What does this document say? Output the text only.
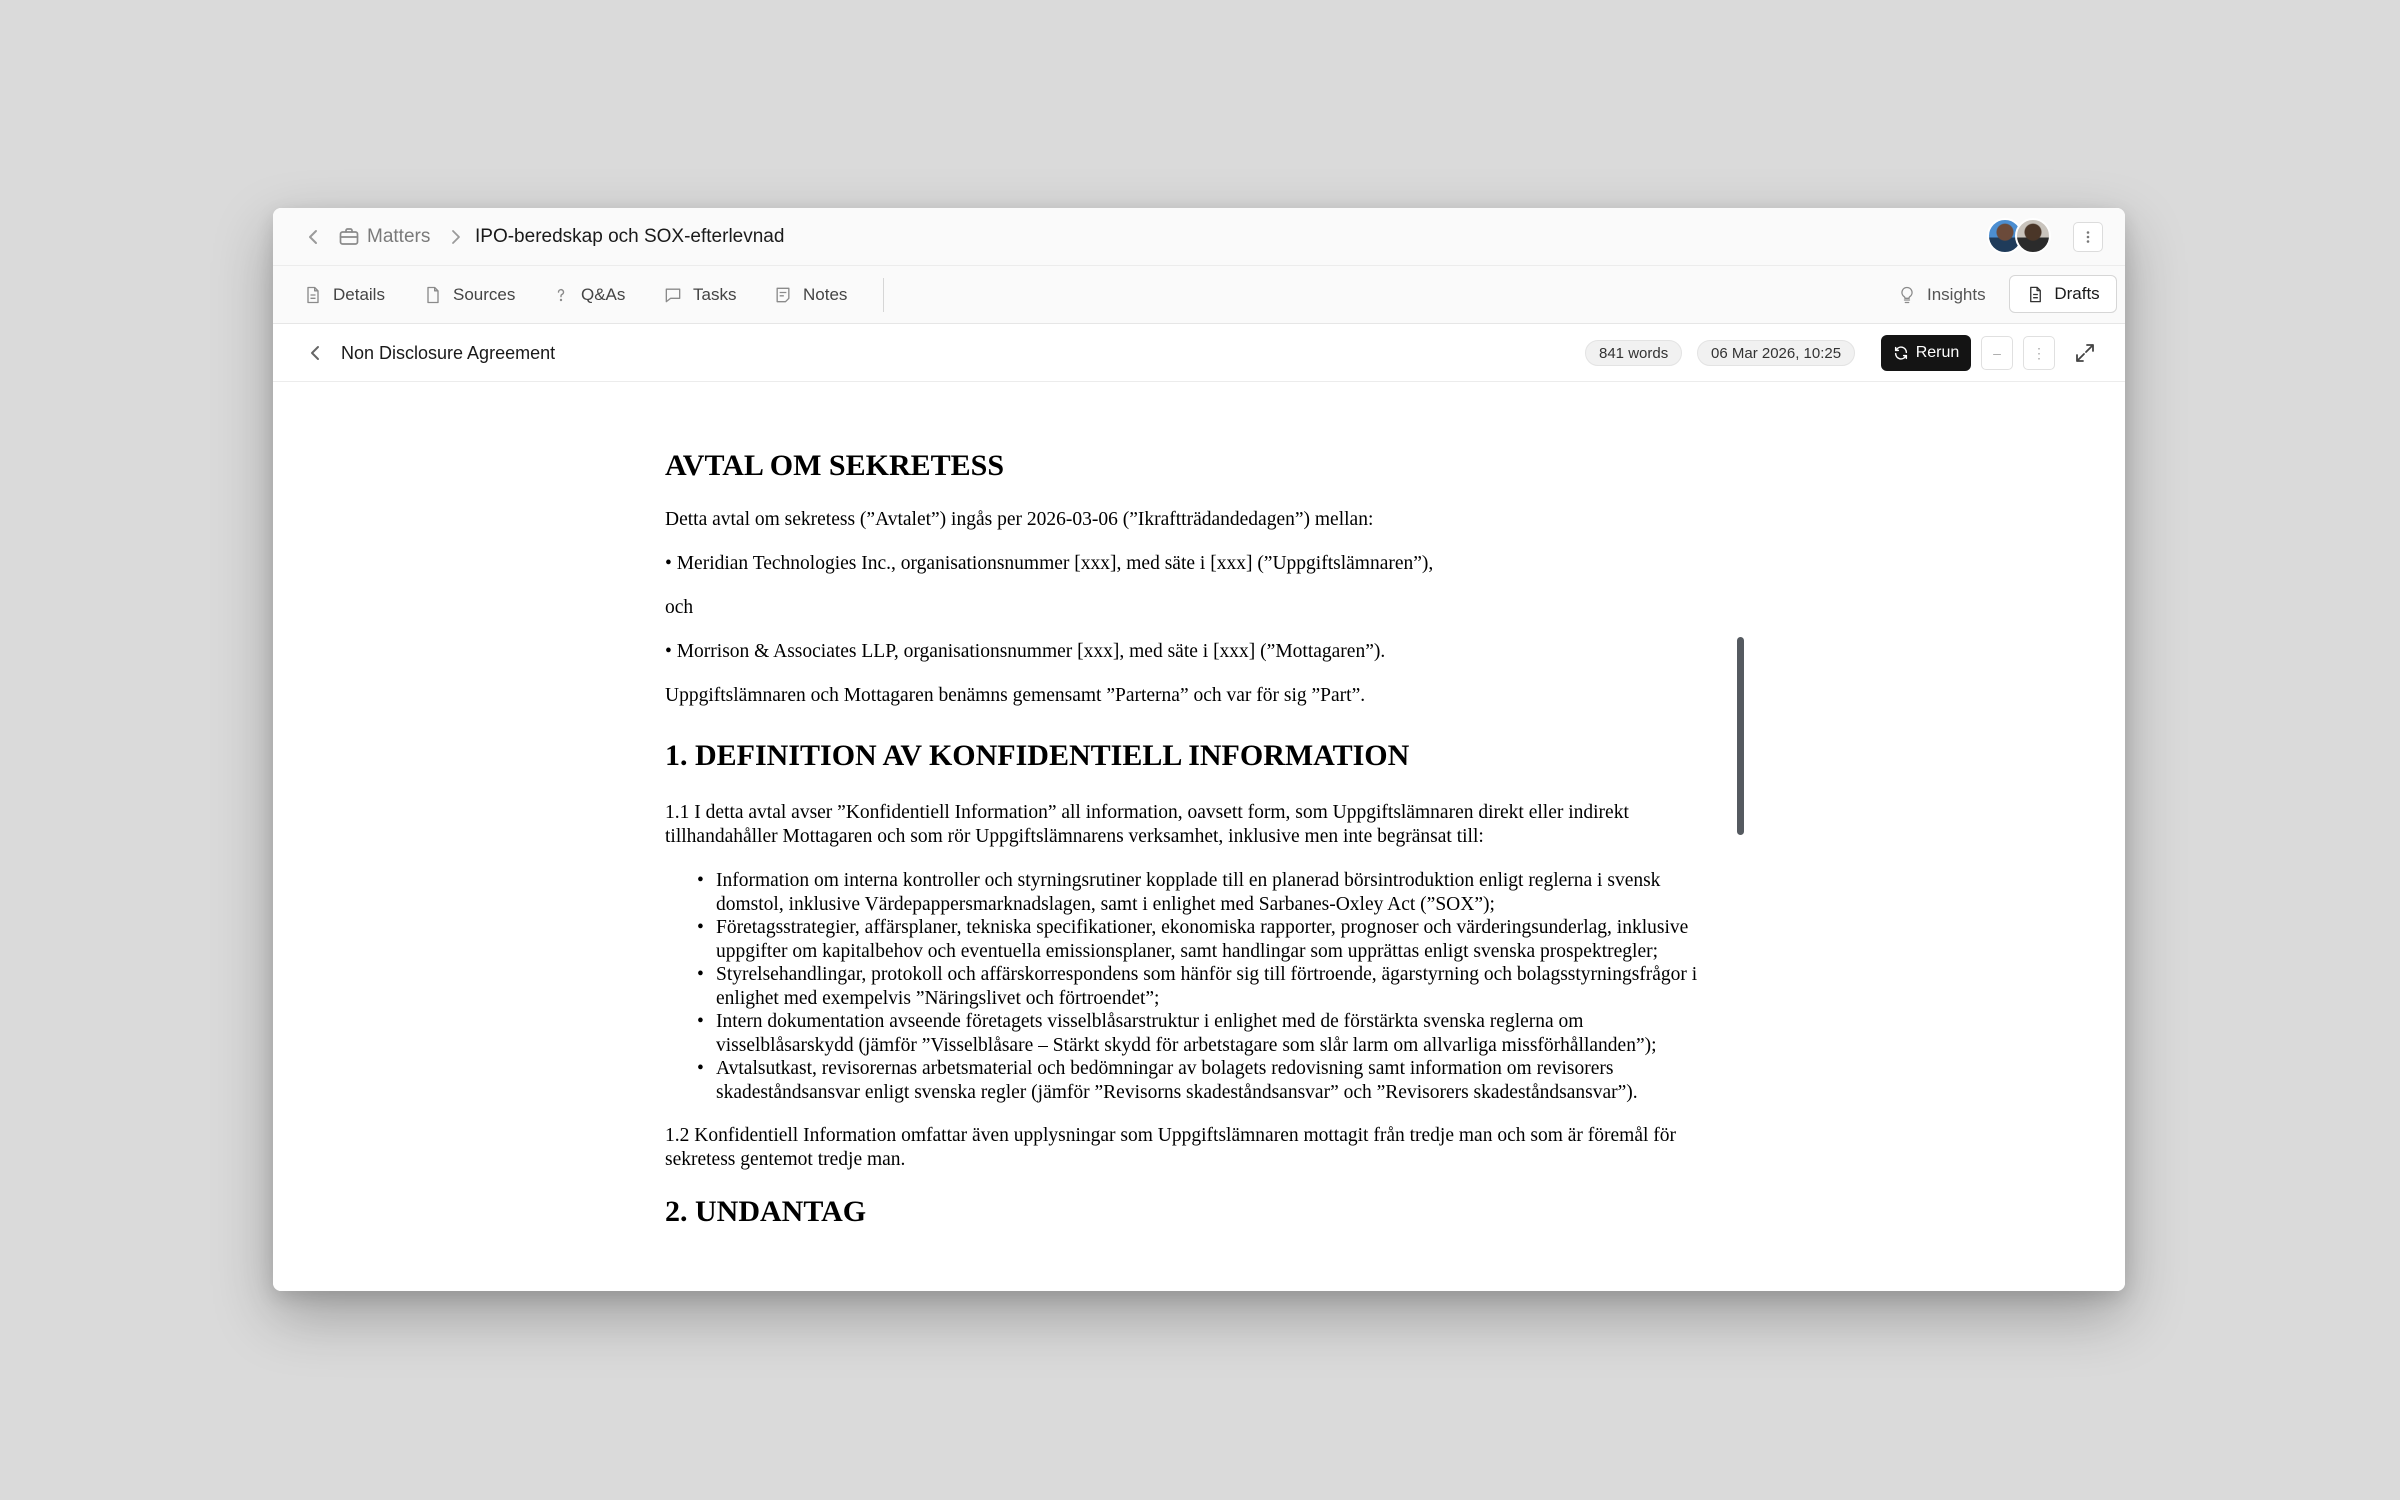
Matters IPO-beredskap och SOX-efterlevnad
Details	Sources	Q&As	Tasks	Notes	Insights	Drafts
Non Disclosure Agreement	841 words	06 Mar 2026, 10:25	Rerun	–	⋮
AVTAL OM SEKRETESS

Detta avtal om sekretess (”Avtalet”) ingås per 2026-03-06 (”Ikraftträdandedagen”) mellan:

• Meridian Technologies Inc., organisationsnummer [xxx], med säte i [xxx] (”Uppgiftslämnaren”),

och

• Morrison & Associates LLP, organisationsnummer [xxx], med säte i [xxx] (”Mottagaren”).

Uppgiftslämnaren och Mottagaren benämns gemensamt ”Parterna” och var för sig ”Part”.

1. DEFINITION AV KONFIDENTIELL INFORMATION

1.1 I detta avtal avser ”Konfidentiell Information” all information, oavsett form, som Uppgiftslämnaren direkt eller indirekt tillhandahåller Mottagaren och som rör Uppgiftslämnarens verksamhet, inklusive men inte begränsat till:

• Information om interna kontroller och styrningsrutiner kopplade till en planerad börsintroduktion enligt reglerna i svensk domstol, inklusive Värdepappersmarknadslagen, samt i enlighet med Sarbanes-Oxley Act (”SOX”);
• Företagsstrategier, affärsplaner, tekniska specifikationer, ekonomiska rapporter, prognoser och värderingsunderlag, inklusive uppgifter om kapitalbehov och eventuella emissionsplaner, samt handlingar som upprättas enligt svenska prospektregler;
• Styrelsehandlingar, protokoll och affärskorrespondens som hänför sig till förtroende, ägarstyrning och bolagsstyrningsfrågor i enlighet med exempelvis ”Näringslivet och förtroendet”;
• Intern dokumentation avseende företagets visselblåsarstruktur i enlighet med de förstärkta svenska reglerna om visselblåsarskydd (jämför ”Visselblåsare – Stärkt skydd för arbetstagare som slår larm om allvarliga missförhållanden”);
• Avtalsutkast, revisorernas arbetsmaterial och bedömningar av bolagets redovisning samt information om revisorers skadeståndsansvar enligt svenska regler (jämför ”Revisorns skadeståndsansvar” och ”Revisorers skadeståndsansvar”).

1.2 Konfidentiell Information omfattar även upplysningar som Uppgiftslämnaren mottagit från tredje man och som är föremål för sekretess gentemot tredje man.

2. UNDANTAG
